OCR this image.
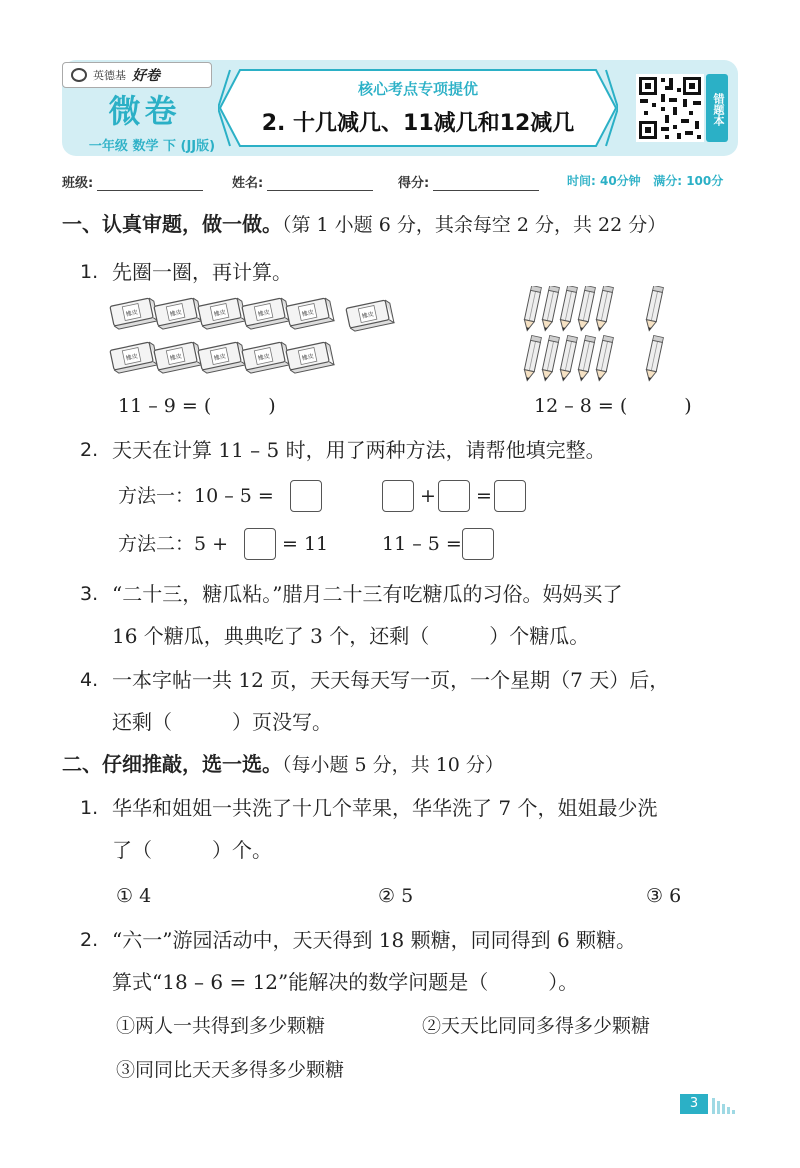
英德基 好卷
微卷
一年级 数学 下 (JJ版)
核心考点专项提优
2. 十几减几、11减几和12减几	错题本
班级:	姓名:	得分:	时间: 40分钟 满分: 100分
一、认真审题，做一做。（第 1 小题 6 分，其余每空 2 分，共 22 分）
1. 先圈一圈，再计算。
橡皮	橡皮	橡皮	橡皮	橡皮	橡皮
橡皮	橡皮	橡皮	橡皮	橡皮
11 – 9 = (　　　)	12 – 8 = (　　　)
2. 天天在计算 11 – 5 时，用了两种方法，请帮他填完整。
方法一：10 – 5 =	+ =
方法二：5 +	= 11	11 – 5 =
3. “二十三，糖瓜粘。”腊月二十三有吃糖瓜的习俗。妈妈买了
16 个糖瓜，典典吃了 3 个，还剩（　　　）个糖瓜。
4. 一本字帖一共 12 页，天天每天写一页，一个星期（7 天）后，
还剩（　　　）页没写。
二、仔细推敲，选一选。（每小题 5 分，共 10 分）
1. 华华和姐姐一共洗了十几个苹果，华华洗了 7 个，姐姐最少洗
了（　　　）个。
① 4	② 5	③ 6
2. “六一”游园活动中，天天得到 18 颗糖，同同得到 6 颗糖。
算式“18 – 6 = 12”能解决的数学问题是（　　　）。
①两人一共得到多少颗糖	②天天比同同多得多少颗糖
③同同比天天多得多少颗糖
3
